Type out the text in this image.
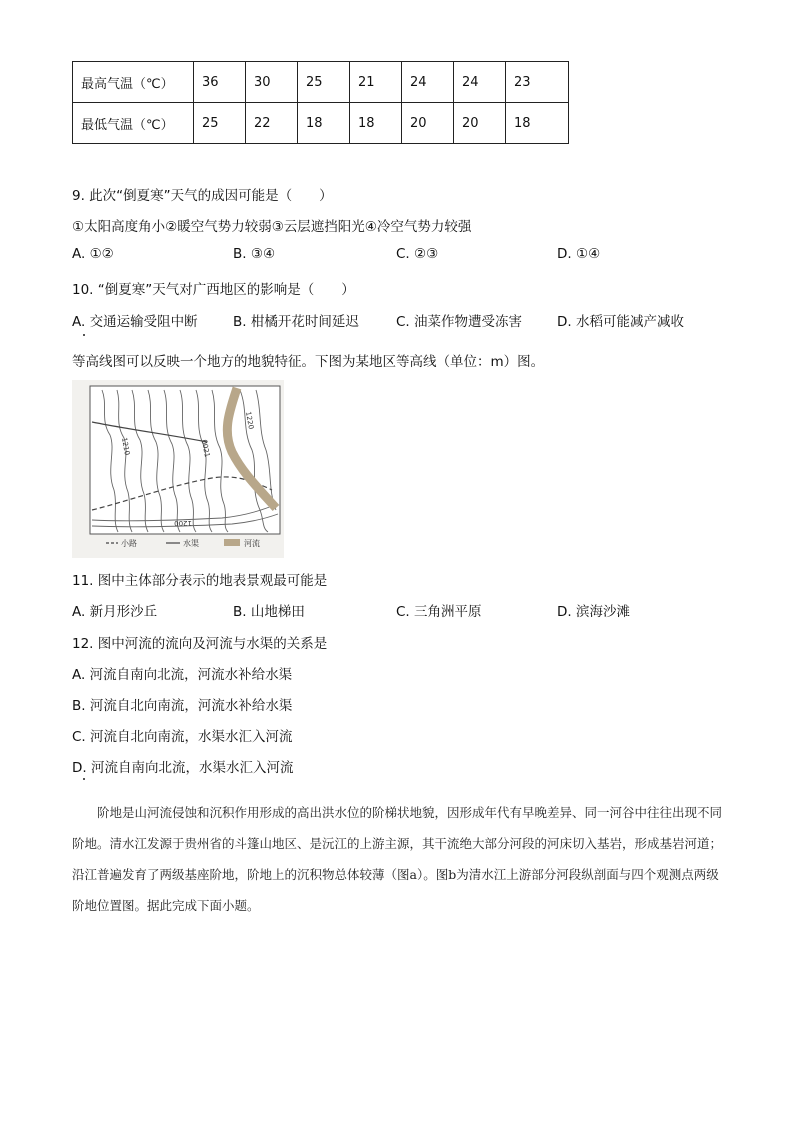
最高气温（℃）	36	30	25	21	24	24	23
最低气温（℃）	25	22	18	18	20	20	18
9. 此次“倒夏寒”天气的成因可能是（　　）
①太阳高度角小②暖空气势力较弱③云层遮挡阳光④冷空气势力较强
A. ①②	B. ③④	C. ②③	D. ①④
10. “倒夏寒”天气对广西地区的影响是（　　）
A. 交通运输受阻中断	B. 柑橘开花时间延迟	C. 油菜作物遭受冻害	D. 水稻可能减产减收
等高线图可以反映一个地方的地貌特征。下图为某地区等高线（单位：m）图。
1210	0021
1220
1200
小路	水渠	河流
11. 图中主体部分表示的地表景观最可能是
A. 新月形沙丘	B. 山地梯田	C. 三角洲平原	D. 滨海沙滩
12. 图中河流的流向及河流与水渠的关系是
A. 河流自南向北流，河流水补给水渠
B. 河流自北向南流，河流水补给水渠
C. 河流自北向南流，水渠水汇入河流
D. 河流自南向北流，水渠水汇入河流
阶地是山河流侵蚀和沉积作用形成的高出洪水位的阶梯状地貌，因形成年代有早晚差异、同一河谷中往往出现不同阶地。清水江发源于贵州省的斗篷山地区、是沅江的上游主源，其干流绝大部分河段的河床切入基岩，形成基岩河道；沿江普遍发育了两级基座阶地，阶地上的沉积物总体较薄（图a）。图b为清水江上游部分河段纵剖面与四个观测点两级阶地位置图。据此完成下面小题。
